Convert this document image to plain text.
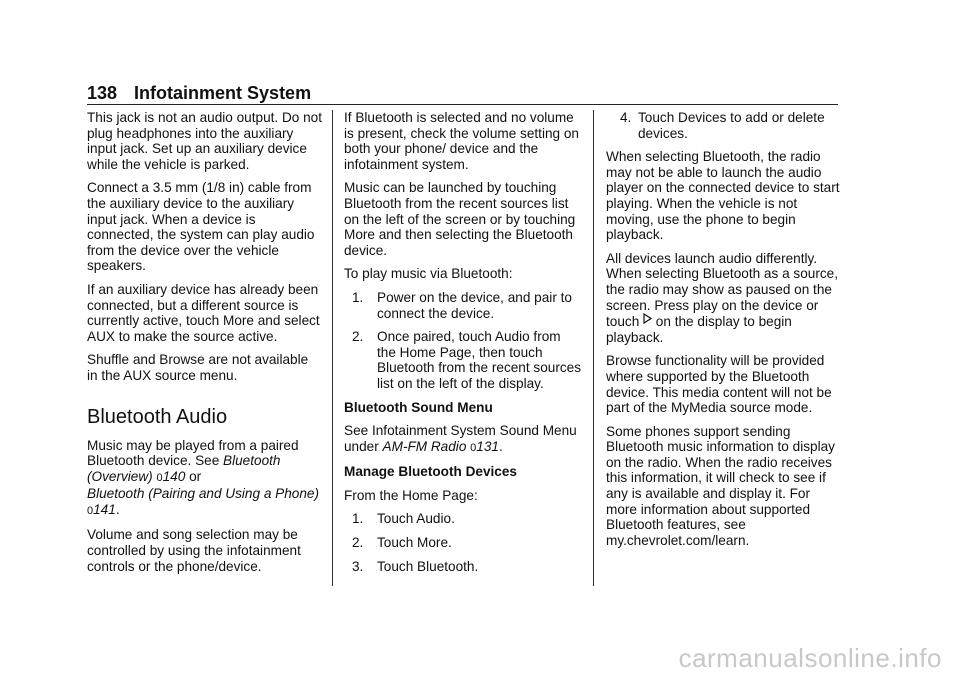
138 Infotainment System

This jack is not an audio output. Do not plug headphones into the auxiliary input jack. Set up an auxiliary device while the vehicle is parked.

Connect a 3.5 mm (1/8 in) cable from the auxiliary device to the auxiliary input jack. When a device is connected, the system can play audio from the device over the vehicle speakers.

If an auxiliary device has already been connected, but a different source is currently active, touch More and select AUX to make the source active.

Shuffle and Browse are not available in the AUX source menu.

Bluetooth Audio

Music may be played from a paired Bluetooth device. See Bluetooth (Overview) 0140 or
Bluetooth (Pairing and Using a Phone) 0141.

Volume and song selection may be controlled by using the infotainment controls or the phone/device.

If Bluetooth is selected and no volume is present, check the volume setting on both your phone/ device and the infotainment system.

Music can be launched by touching Bluetooth from the recent sources list on the left of the screen or by touching More and then selecting the Bluetooth device.

To play music via Bluetooth:

1. Power on the device, and pair to connect the device.
2. Once paired, touch Audio from the Home Page, then touch Bluetooth from the recent sources list on the left of the display.

Bluetooth Sound Menu

See Infotainment System Sound Menu under AM-FM Radio 0131.

Manage Bluetooth Devices

From the Home Page:

1. Touch Audio.
2. Touch More.
3. Touch Bluetooth.
4. Touch Devices to add or delete devices.

When selecting Bluetooth, the radio may not be able to launch the audio player on the connected device to start playing. When the vehicle is not moving, use the phone to begin playback.

All devices launch audio differently. When selecting Bluetooth as a source, the radio may show as paused on the screen. Press play on the device or touch  on the display to begin playback.

Browse functionality will be provided where supported by the Bluetooth device. This media content will not be part of the MyMedia source mode.

Some phones support sending Bluetooth music information to display on the radio. When the radio receives this information, it will check to see if any is available and display it. For more information about supported Bluetooth features, see my.chevrolet.com/learn.

carmanualsonline.info
